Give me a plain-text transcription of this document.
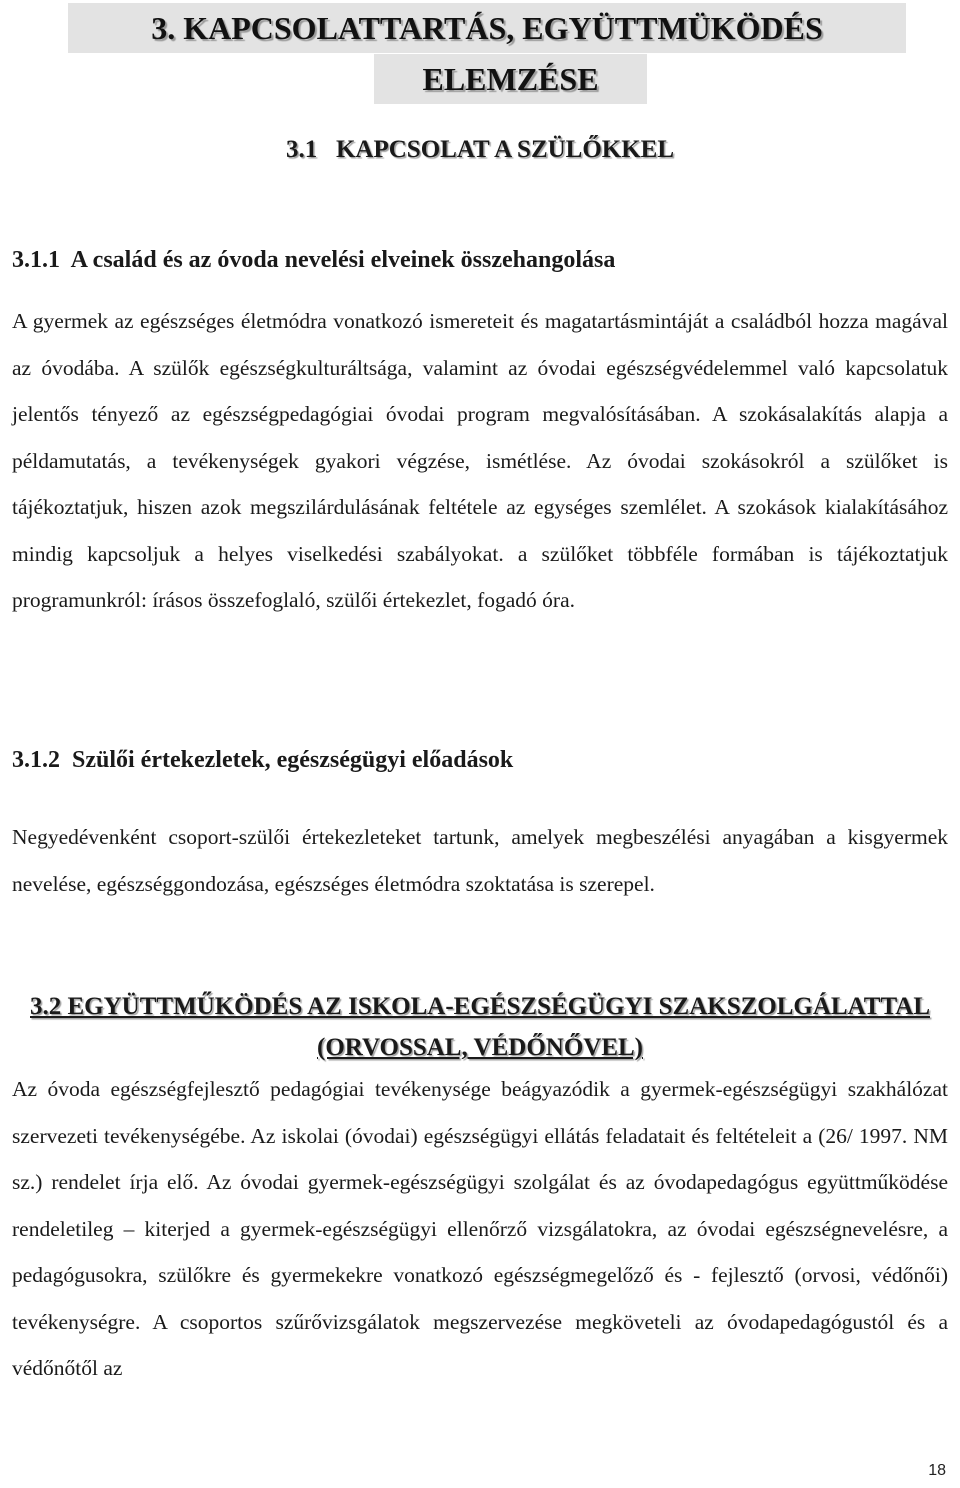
3. KAPCSOLATTARTÁS, EGYÜTTMÜKÖDÉS
ELEMZÉSE
3.1   KAPCSOLAT A SZÜLŐKKEL
3.1.1  A család és az óvoda nevelési elveinek összehangolása

A gyermek az egészséges életmódra vonatkozó ismereteit és magatartásmintáját a családból hozza magával az óvodába. A szülők egészségkulturáltsága, valamint az óvodai egészségvédelemmel való kapcsolatuk jelentős tényező az egészségpedagógiai óvodai program megvalósításában. A szokásalakítás alapja a példamutatás, a tevékenységek gyakori végzése, ismétlése. Az óvodai szokásokról a szülőket is tájékoztatjuk, hiszen azok megszilárdulásának feltétele az egységes szemlélet. A szokások kialakításához mindig kapcsoljuk a helyes viselkedési szabályokat. a szülőket többféle formában is tájékoztatjuk programunkról: írásos összefoglaló, szülői értekezlet, fogadó óra.

3.1.2  Szülői értekezletek, egészségügyi előadások

Negyedévenként csoport-szülői értekezleteket tartunk, amelyek megbeszélési anyagában a kisgyermek nevelése, egészséggondozása, egészséges életmódra szoktatása is szerepel.

3.2 EGYÜTTMŰKÖDÉS AZ ISKOLA-EGÉSZSÉGÜGYI SZAKSZOLGÁLATTAL (ORVOSSAL, VÉDŐNŐVEL)

Az óvoda egészségfejlesztő pedagógiai tevékenysége beágyazódik a gyermek-egészségügyi szakhálózat szervezeti tevékenységébe. Az iskolai (óvodai) egészségügyi ellátás feladatait és feltételeit a (26/ 1997. NM sz.) rendelet írja elő. Az óvodai gyermek-egészségügyi szolgálat és az óvodapedagógus együttműködése rendeletileg – kiterjed a gyermek-egészségügyi ellenőrző vizsgálatokra, az óvodai egészségnevelésre, a pedagógusokra, szülőkre és gyermekekre vonatkozó egészségmegelőző és - fejlesztő (orvosi, védőnői) tevékenységre. A csoportos szűrővizsgálatok megszervezése megköveteli az óvodapedagógustól és a védőnőtől az

18
